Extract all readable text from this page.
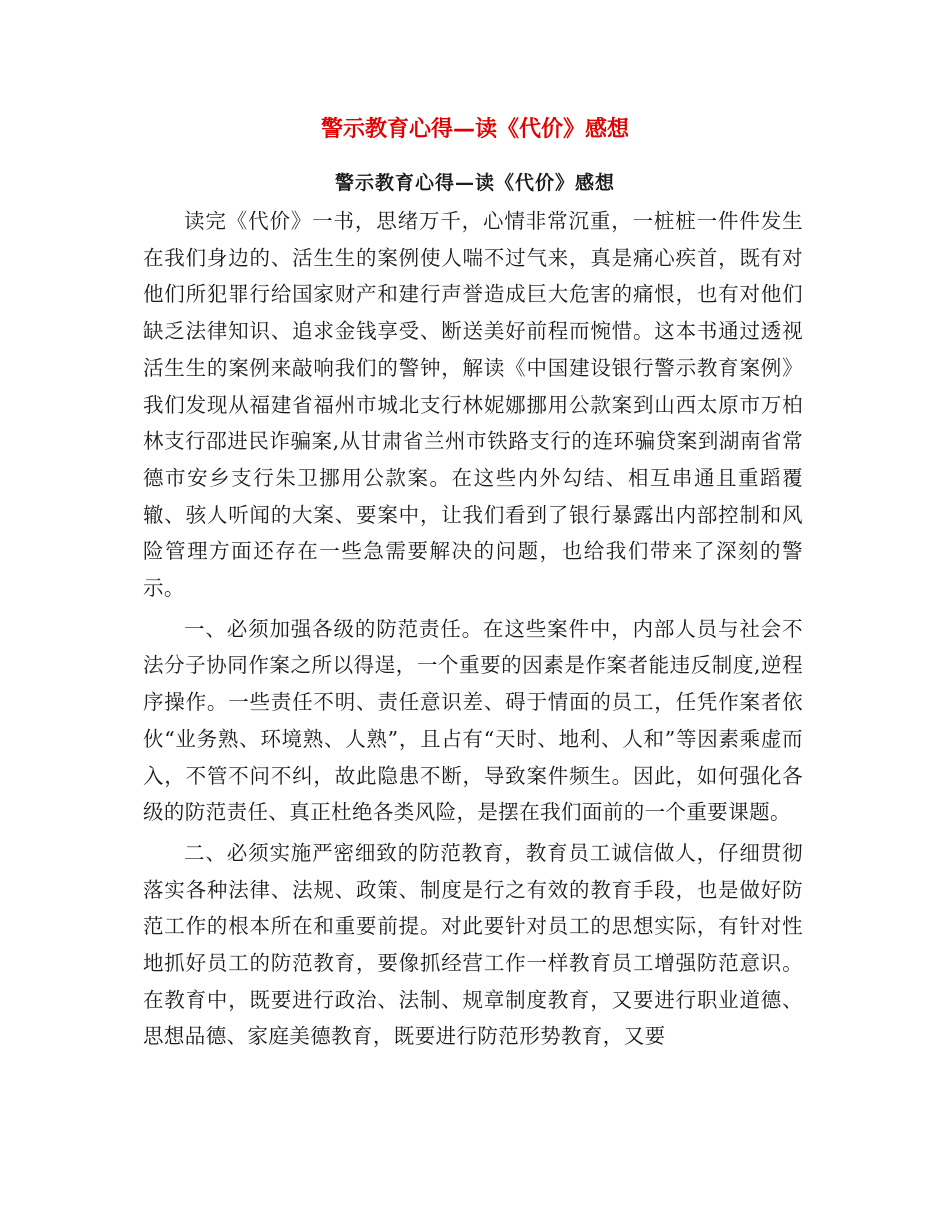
警示教育心得—读《代价》感想
警示教育心得—读《代价》感想

读完《代价》一书，思绪万千，心情非常沉重，一桩桩一件件发生在我们身边的、活生生的案例使人喘不过气来，真是痛心疾首，既有对他们所犯罪行给国家财产和建行声誉造成巨大危害的痛恨，也有对他们缺乏法律知识、追求金钱享受、断送美好前程而惋惜。这本书通过透视活生生的案例来敲响我们的警钟，解读《中国建设银行警示教育案例》我们发现从福建省福州市城北支行林妮娜挪用公款案到山西太原市万柏林支行邵进民诈骗案,从甘肃省兰州市铁路支行的连环骗贷案到湖南省常德市安乡支行朱卫挪用公款案。在这些内外勾结、相互串通且重蹈覆辙、骇人听闻的大案、要案中，让我们看到了银行暴露出内部控制和风险管理方面还存在一些急需要解决的问题，也给我们带来了深刻的警示。

一、必须加强各级的防范责任。在这些案件中，内部人员与社会不法分子协同作案之所以得逞，一个重要的因素是作案者能违反制度,逆程序操作。一些责任不明、责任意识差、碍于情面的员工，任凭作案者依伙“业务熟、环境熟、人熟”，且占有“天时、地利、人和”等因素乘虚而入，不管不问不纠，故此隐患不断，导致案件频生。因此，如何强化各级的防范责任、真正杜绝各类风险，是摆在我们面前的一个重要课题。

二、必须实施严密细致的防范教育，教育员工诚信做人，仔细贯彻落实各种法律、法规、政策、制度是行之有效的教育手段，也是做好防范工作的根本所在和重要前提。对此要针对员工的思想实际，有针对性地抓好员工的防范教育，要像抓经营工作一样教育员工增强防范意识。在教育中，既要进行政治、法制、规章制度教育，又要进行职业道德、思想品德、家庭美德教育，既要进行防范形势教育，又要
